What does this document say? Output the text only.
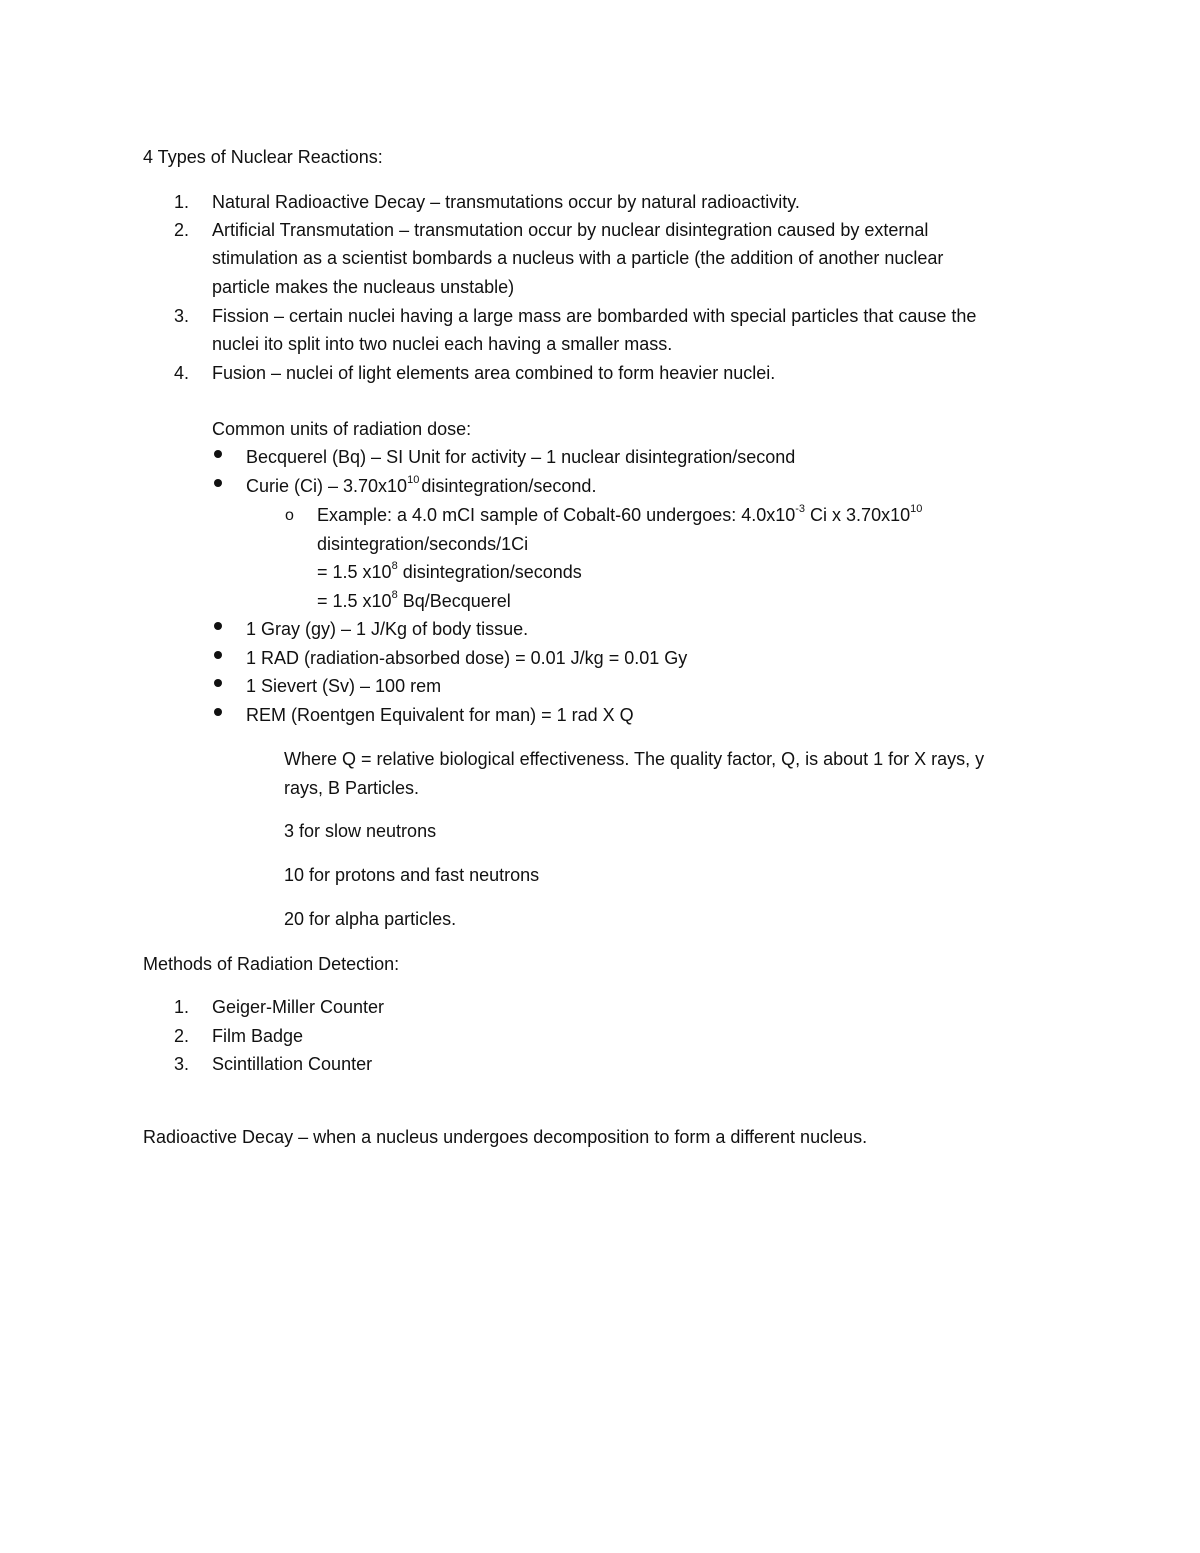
4 Types of Nuclear Reactions:
1. Natural Radioactive Decay – transmutations occur by natural radioactivity.
2. Artificial Transmutation – transmutation occur by nuclear disintegration caused by external
stimulation as a scientist bombards a nucleus with a particle (the addition of another nuclear
particle makes the nucleaus unstable)
3. Fission – certain nuclei having a large mass are bombarded with special particles that cause the
nuclei ito split into two nuclei each having a smaller mass.
4. Fusion – nuclei of light elements area combined to form heavier nuclei.
Common units of radiation dose:
Becquerel (Bq) – SI Unit for activity – 1 nuclear disintegration/second
Curie $(Ci) - 3.70x10^{10}$ disintegration/second.
o Example: a 4.0 mCI sample of Cobalt-60 undergoes: $4.0x10^{-3}$ Ci x $3.70x10^{10}$
disintegration/seconds/1Ci
= 1.5 $x10^8$ disintegration/seconds
= 1.5 $x10^8$ Bq/Becquerel
1 Gray (gy) – 1 J/Kg of body tissue.
1 RAD (radiation-absorbed dose) = 0.01 J/kg = 0.01 Gy
1 Sievert (Sv) – 100 rem
REM (Roentgen Equivalent for man) = 1 rad X Q
Where Q = relative biological effectiveness. The quality factor, Q, is about 1 for X rays, y
rays, B Particles.
3 for slow neutrons
10 for protons and fast neutrons
20 for alpha particles.
Methods of Radiation Detection:
1. Geiger-Miller Counter
2. Film Badge
3. Scintillation Counter
Radioactive Decay – when a nucleus undergoes decomposition to form a different nucleus.
